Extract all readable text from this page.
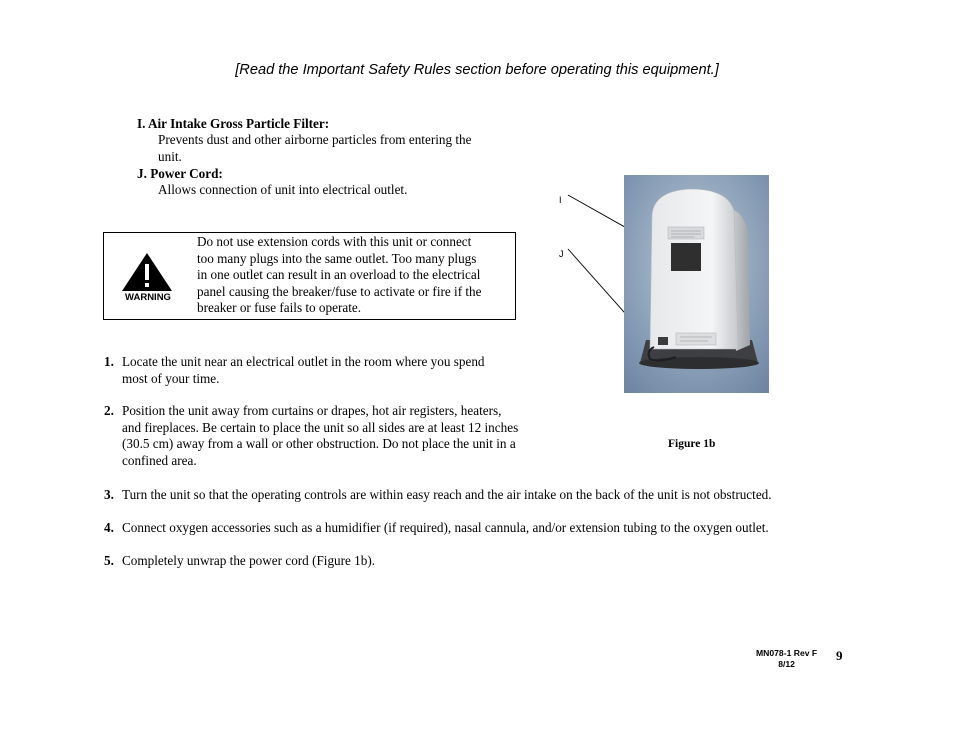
[Read the Important Safety Rules section before operating this equipment.]
I. Air Intake Gross Particle Filter:
Prevents dust and other airborne particles from entering the
unit.
J. Power Cord:
Allows connection of unit into electrical outlet.
WARNING
Do not use extension cords with this unit or connect
too many plugs into the same outlet. Too many plugs
in one outlet can result in an overload to the electrical
panel causing the breaker/fuse to activate or fire if the
breaker or fuse fails to operate.
1. Locate the unit near an electrical outlet in the room where you spend
most of your time.
2. Position the unit away from curtains or drapes, hot air registers, heaters,
and fireplaces. Be certain to place the unit so all sides are at least 12 inches
(30.5 cm) away from a wall or other obstruction. Do not place the unit in a
confined area.
3. Turn the unit so that the operating controls are within easy reach and the air intake on the back of the unit is not obstructed.
4. Connect oxygen accessories such as a humidifier (if required), nasal cannula, and/or extension tubing to the oxygen outlet.
5. Completely unwrap the power cord (Figure 1b).
I
J
Figure 1b
MN078-1 Rev F
8/12
9
